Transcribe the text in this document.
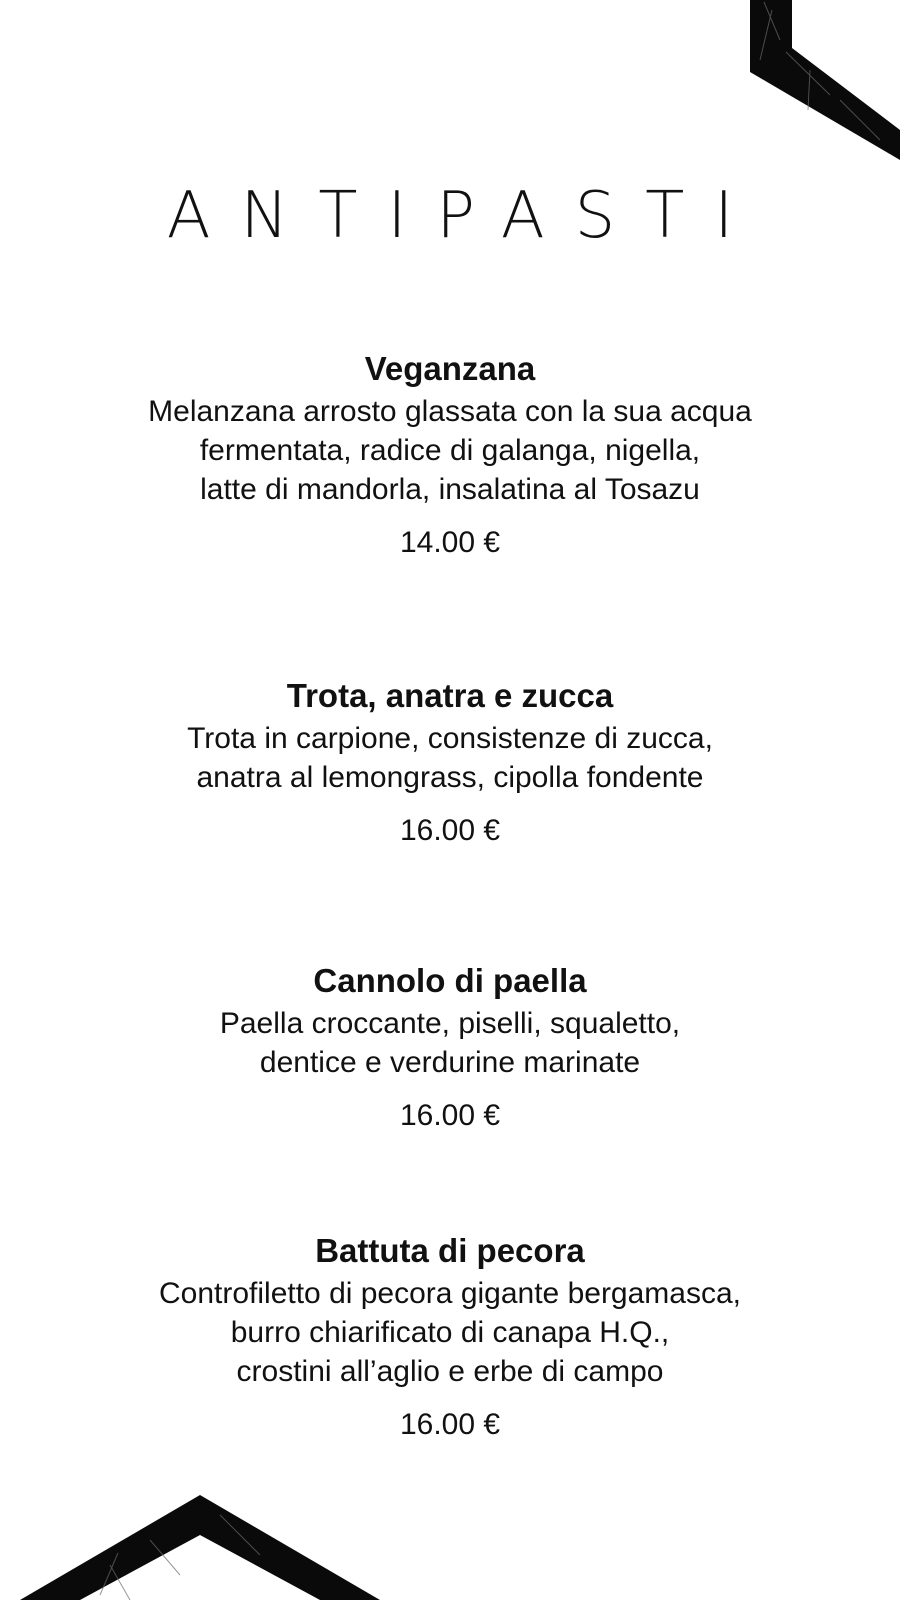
ANTIPASTI
Veganzana
Melanzana arrosto glassata con la sua acqua
fermentata, radice di galanga, nigella,
latte di mandorla, insalatina al Tosazu
14.00 €
Trota, anatra e zucca
Trota in carpione, consistenze di zucca,
anatra al lemongrass, cipolla fondente
16.00 €
Cannolo di paella
Paella croccante, piselli, squaletto,
dentice e verdurine marinate
16.00 €
Battuta di pecora
Controfiletto di pecora gigante bergamasca,
burro chiarificato di canapa H.Q.,
crostini all’aglio e erbe di campo
16.00 €
